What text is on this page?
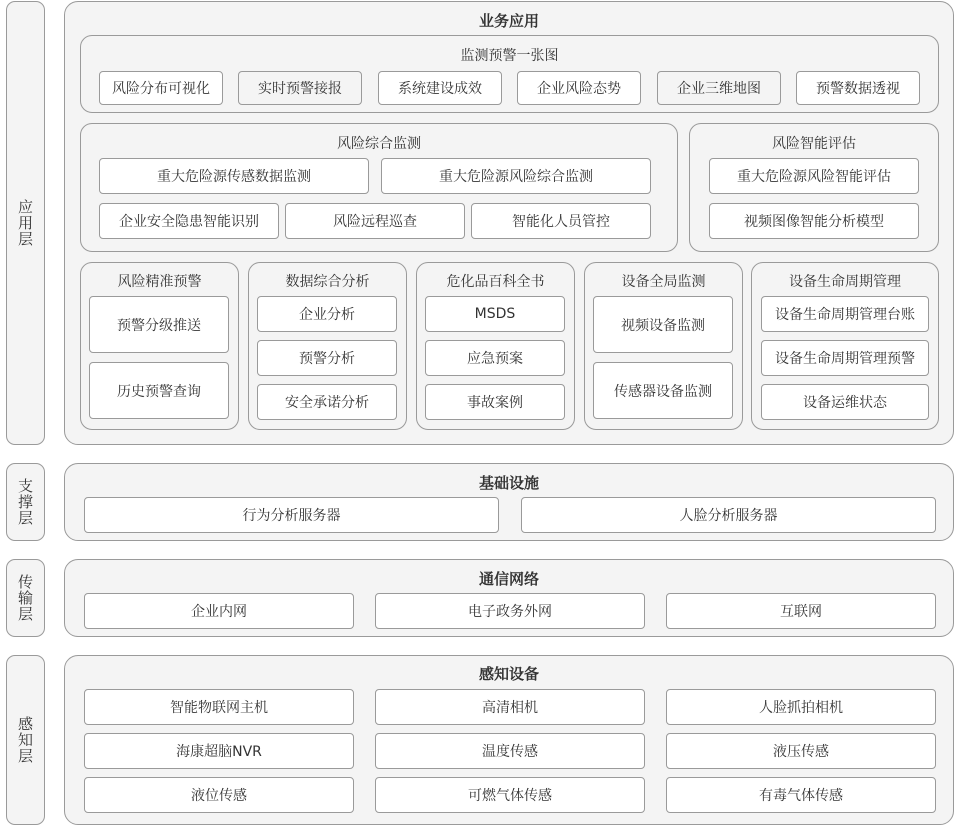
应用层
支撑层
传输层
感知层
业务应用
监测预警一张图
风险分布可视化	实时预警接报	系统建设成效	企业风险态势	企业三维地图	预警数据透视
风险综合监测
重大危险源传感数据监测	重大危险源风险综合监测
企业安全隐患智能识别	风险远程巡查	智能化人员管控
风险智能评估
重大危险源风险智能评估
视频图像智能分析模型
风险精准预警
预警分级推送
历史预警查询
数据综合分析
企业分析
预警分析
安全承诺分析
危化品百科全书
MSDS
应急预案
事故案例
设备全局监测
视频设备监测
传感器设备监测
设备生命周期管理
设备生命周期管理台账
设备生命周期管理预警
设备运维状态
基础设施
行为分析服务器	人脸分析服务器
通信网络
企业内网	电子政务外网	互联网
感知设备
智能物联网主机	高清相机	人脸抓拍相机
海康超脑NVR	温度传感	液压传感
液位传感	可燃气体传感	有毒气体传感
